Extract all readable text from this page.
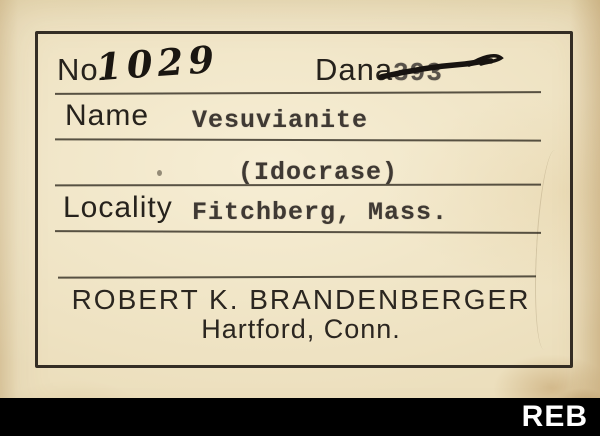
No.
1029	Dana 393
Name Vesuvianite
(Idocrase)
Locality Fitchberg, Mass.
ROBERT K. BRANDENBERGER
Hartford, Conn.
REB
